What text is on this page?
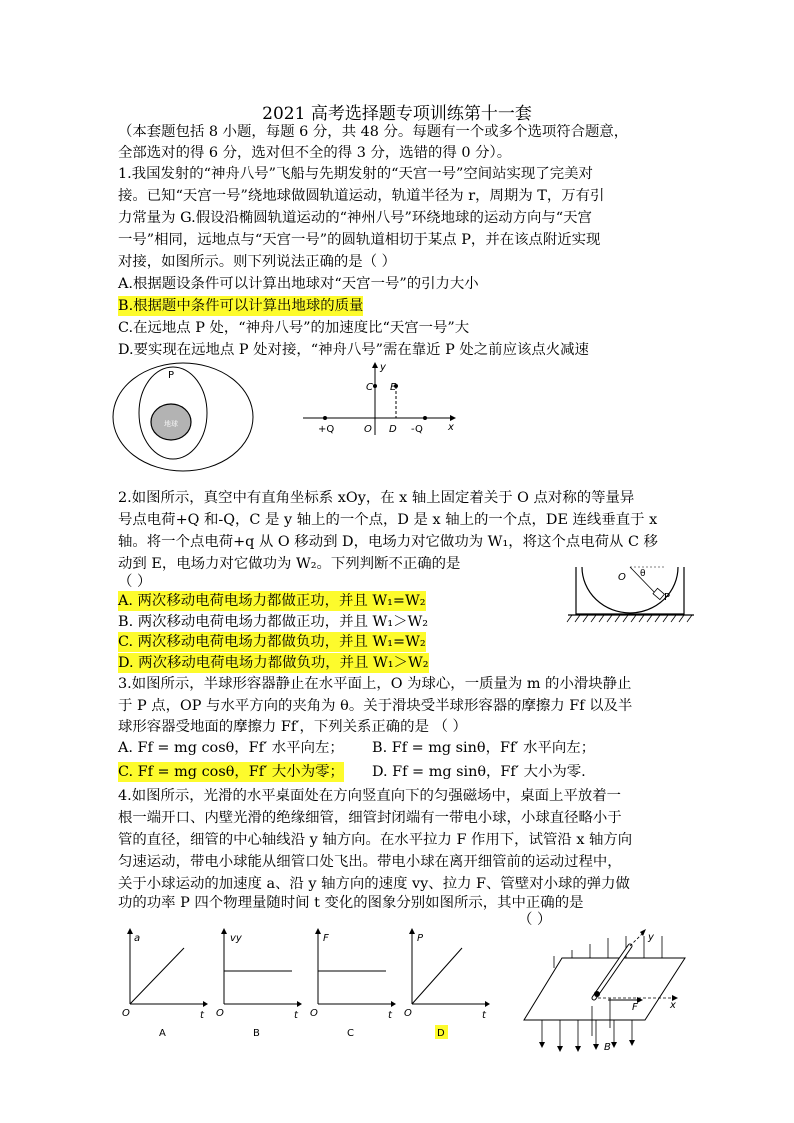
2021 高考选择题专项训练第十一套
（本套题包括 8 小题，每题 6 分，共 48 分。每题有一个或多个选项符合题意，
全部选对的得 6 分，选对但不全的得 3 分，选错的得 0 分）。
1.我国发射的“神舟八号”飞船与先期发射的“天宫一号”空间站实现了完美对
接。已知“天宫一号”绕地球做圆轨道运动，轨道半径为 r，周期为 T，万有引
力常量为 G.假设沿椭圆轨道运动的“神州八号”环绕地球的运动方向与“天宫
一号”相同，远地点与“天宫一号”的圆轨道相切于某点 P，并在该点附近实现
对接，如图所示。则下列说法正确的是（ ）
A.根据题设条件可以计算出地球对“天宫一号”的引力大小
B.根据题中条件可以计算出地球的质量
C.在远地点 P 处，“神舟八号”的加速度比“天宫一号”大
D.要实现在远地点 P 处对接，“神舟八号”需在靠近 P 处之前应该点火减速
P
地球
y
x
C E
+Q	O D -Q
2.如图所示，真空中有直角坐标系 xOy，在 x 轴上固定着关于 O 点对称的等量异
号点电荷+Q 和-Q，C 是 y 轴上的一个点，D 是 x 轴上的一个点，DE 连线垂直于 x
轴。将一个点电荷+q 从 O 移动到 D，电场力对它做功为 W₁，将这个点电荷从 C 移
动到 E，电场力对它做功为 W₂。下列判断不正确的是
（ ）
A. 两次移动电荷电场力都做正功，并且 W₁=W₂
B. 两次移动电荷电场力都做正功，并且 W₁＞W₂
C. 两次移动电荷电场力都做负功，并且 W₁=W₂
D. 两次移动电荷电场力都做负功，并且 W₁＞W₂
O θ
P
3.如图所示，半球形容器静止在水平面上，O 为球心，一质量为 m 的小滑块静止
于 P 点，OP 与水平方向的夹角为 θ。关于滑块受半球形容器的摩擦力 Ff 以及半
球形容器受地面的摩擦力 Ff′，下列关系正确的是 （ ）
A. Ff = mg cosθ，Ff′ 水平向左； B. Ff = mg sinθ，Ff′ 水平向左；
C. Ff = mg cosθ，Ff′ 大小为零； D. Ff = mg sinθ，Ff′ 大小为零.
4.如图所示，光滑的水平桌面处在方向竖直向下的匀强磁场中，桌面上平放着一
根一端开口、内壁光滑的绝缘细管，细管封闭端有一带电小球，小球直径略小于
管的直径，细管的中心轴线沿 y 轴方向。在水平拉力 F 作用下，试管沿 x 轴方向
匀速运动，带电小球能从细管口处飞出。带电小球在离开细管前的运动过程中，
关于小球运动的加速度 a、沿 y 轴方向的速度 vy、拉力 F、管壁对小球的弹力做
功的功率 P 四个物理量随时间 t 变化的图象分别如图所示，其中正确的是
（ ）
a
O	t
A
vy
O	t
B
F
O	t
C
P
O	t
D
F	x
y
B
